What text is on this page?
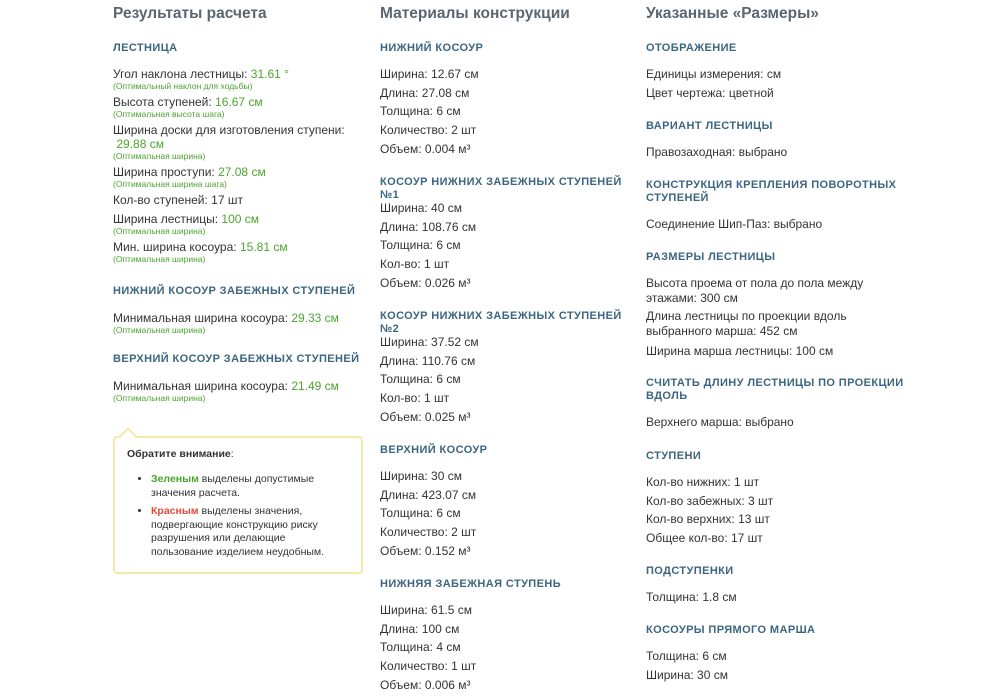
Результаты расчета
ЛЕСТНИЦА
Угол наклона лестницы: 31.61 °
(Оптимальный наклон для ходьбы)
Высота ступеней: 16.67 см
(Оптимальная высота шага)
Ширина доски для изготовления ступени:
29.88 см
(Оптимальная ширина)
Ширина проступи: 27.08 см
(Оптимальная ширина шага)
Кол-во ступеней: 17 шт
Ширина лестницы: 100 см
(Оптимальная ширина)
Мин. ширина косоура: 15.81 см
(Оптимальная ширина)
НИЖНИЙ КОСОУР ЗАБЕЖНЫХ СТУПЕНЕЙ
Минимальная ширина косоура: 29.33 см
(Оптимальная ширина)
ВЕРХНИЙ КОСОУР ЗАБЕЖНЫХ СТУПЕНЕЙ
Минимальная ширина косоура: 21.49 см
(Оптимальная ширина)
Обратите внимание:
• Зеленым выделены допустимые значения расчета.
• Красным выделены значения, подвергающие конструкцию риску разрушения или делающие пользование изделием неудобным.
Материалы конструкции
НИЖНИЙ КОСОУР
Ширина: 12.67 см
Длина: 27.08 см
Толщина: 6 см
Количество: 2 шт
Объем: 0.004 м³
КОСОУР НИЖНИХ ЗАБЕЖНЫХ СТУПЕНЕЙ №1
Ширина: 40 см
Длина: 108.76 см
Толщина: 6 см
Кол-во: 1 шт
Объем: 0.026 м³
КОСОУР НИЖНИХ ЗАБЕЖНЫХ СТУПЕНЕЙ №2
Ширина: 37.52 см
Длина: 110.76 см
Толщина: 6 см
Кол-во: 1 шт
Объем: 0.025 м³
ВЕРХНИЙ КОСОУР
Ширина: 30 см
Длина: 423.07 см
Толщина: 6 см
Количество: 2 шт
Объем: 0.152 м³
НИЖНЯЯ ЗАБЕЖНАЯ СТУПЕНЬ
Ширина: 61.5 см
Длина: 100 см
Толщина: 4 см
Количество: 1 шт
Объем: 0.006 м³
Указанные «Размеры»
ОТОБРАЖЕНИЕ
Единицы измерения: см
Цвет чертежа: цветной
ВАРИАНТ ЛЕСТНИЦЫ
Правозаходная: выбрано
КОНСТРУКЦИЯ КРЕПЛЕНИЯ ПОВОРОТНЫХ СТУПЕНЕЙ
Соединение Шип-Паз: выбрано
РАЗМЕРЫ ЛЕСТНИЦЫ
Высота проема от пола до пола между этажами: 300 см
Длина лестницы по проекции вдоль выбранного марша: 452 см
Ширина марша лестницы: 100 см
СЧИТАТЬ ДЛИНУ ЛЕСТНИЦЫ ПО ПРОЕКЦИИ ВДОЛЬ
Верхнего марша: выбрано
СТУПЕНИ
Кол-во нижних: 1 шт
Кол-во забежных: 3 шт
Кол-во верхних: 13 шт
Общее кол-во: 17 шт
ПОДСТУПЕНКИ
Толщина: 1.8 см
КОСОУРЫ ПРЯМОГО МАРША
Толщина: 6 см
Ширина: 30 см
